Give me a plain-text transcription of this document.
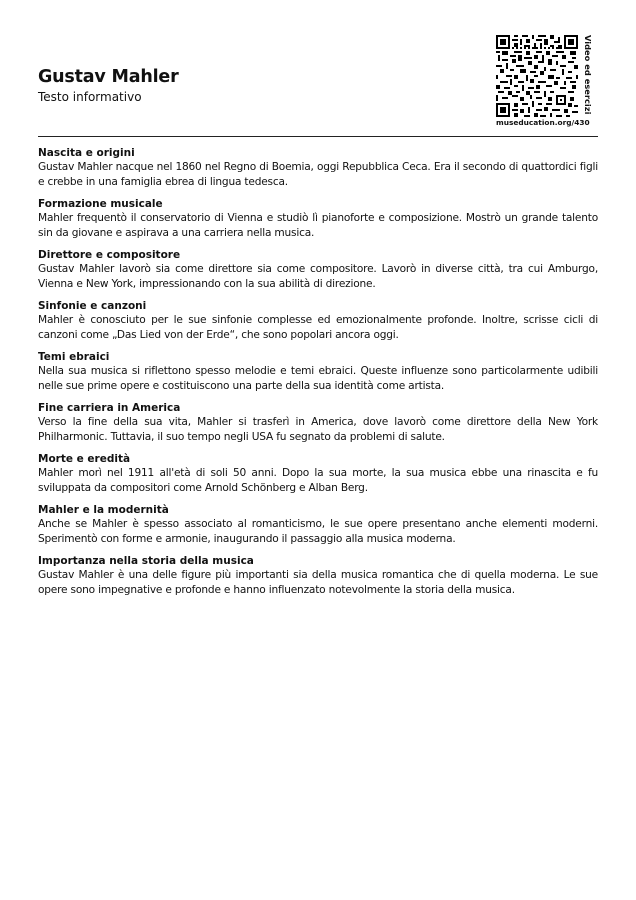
Gustav Mahler
Testo informativo	Video ed esercizi
museducation.org/430
Nascita e origini

Gustav Mahler nacque nel 1860 nel Regno di Boemia, oggi Repubblica Ceca. Era il secondo di quattordici figli e crebbe in una famiglia ebrea di lingua tedesca.

Formazione musicale

Mahler frequentò il conservatorio di Vienna e studiò lì pianoforte e composizione. Mostrò un grande talento sin da giovane e aspirava a una carriera nella musica.

Direttore e compositore

Gustav Mahler lavorò sia come direttore sia come compositore. Lavorò in diverse città, tra cui Amburgo, Vienna e New York, impressionando con la sua abilità di direzione.

Sinfonie e canzoni

Mahler è conosciuto per le sue sinfonie complesse ed emozionalmente profonde. Inoltre, scrisse cicli di canzoni come „Das Lied von der Erde“, che sono popolari ancora oggi.

Temi ebraici

Nella sua musica si riflettono spesso melodie e temi ebraici. Queste influenze sono particolarmente udibili nelle sue prime opere e costituiscono una parte della sua identità come artista.

Fine carriera in America

Verso la fine della sua vita, Mahler si trasferì in America, dove lavorò come direttore della New York Philharmonic. Tuttavia, il suo tempo negli USA fu segnato da problemi di salute.

Morte e eredità

Mahler morì nel 1911 all'età di soli 50 anni. Dopo la sua morte, la sua musica ebbe una rinascita e fu sviluppata da compositori come Arnold Schönberg e Alban Berg.

Mahler e la modernità

Anche se Mahler è spesso associato al romanticismo, le sue opere presentano anche elementi moderni. Sperimentò con forme e armonie, inaugurando il passaggio alla musica moderna.

Importanza nella storia della musica

Gustav Mahler è una delle figure più importanti sia della musica romantica che di quella moderna. Le sue opere sono impegnative e profonde e hanno influenzato notevolmente la storia della musica.
